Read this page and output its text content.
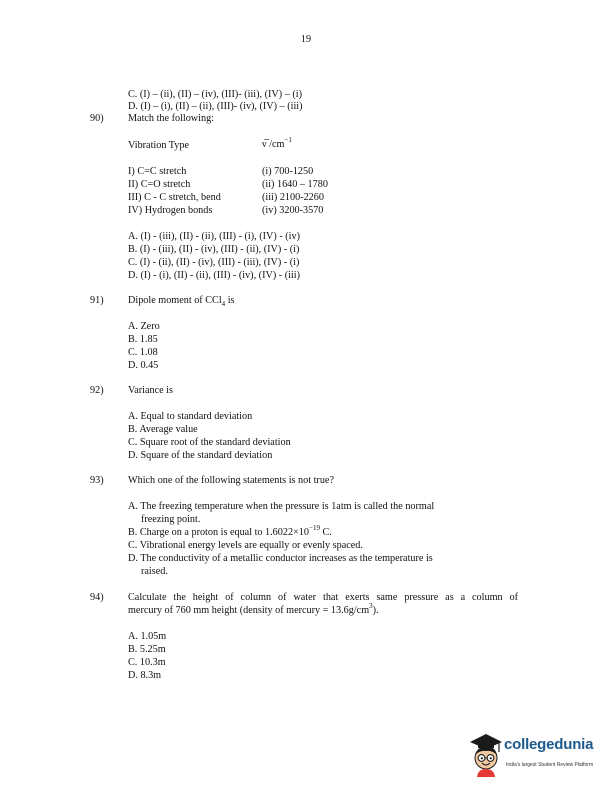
19
C. (I) – (ii), (II) – (iv), (III)- (iii), (IV) – (i)
D. (I) – (i), (II) – (ii), (III)- (iv), (IV) – (iii)
90) Match the following:
Vibration Type	ν̅ $/cm^{-1}$
I) C=C stretch
II) C=O stretch
III) C - C stretch, bend
IV) Hydrogen bonds
(i) 700-1250
(ii) 1640 – 1780
(iii) 2100-2260
(iv) 3200-3570
A. (I) - (iii), (II) - (ii), (III) - (i), (IV) - (iv)
B. (I) - (iii), (II) - (iv), (III) - (ii), (IV) - (i)
C. (I) - (ii), (II) - (iv), (III) - (iii), (IV) - (i)
D. (I) - (i), (II) - (ii), (III) - (iv), (IV) - (iii)
91) Dipole moment of CCl$_4$ is
A. Zero
B. 1.85
C. 1.08
D. 0.45
92) Variance is
A. Equal to standard deviation
B. Average value
C. Square root of the standard deviation
D. Square of the standard deviation
93) Which one of the following statements is not true?
A. The freezing temperature when the pressure is 1atm is called the normal
freezing point.
B. Charge on a proton is equal to $1.6022\times 10^{-19}$ C.
C. Vibrational energy levels are equally or evenly spaced.
D. The conductivity of a metallic conductor increases as the temperature is
raised.
94) Calculate the height of column of water that exerts same pressure as a column of
mercury of 760 mm height (density of mercury = $13.6g/cm^3$).
A. 1.05m
B. 5.25m
C. 10.3m
D. 8.3m
collegedunia
India's largest Student Review Platform
